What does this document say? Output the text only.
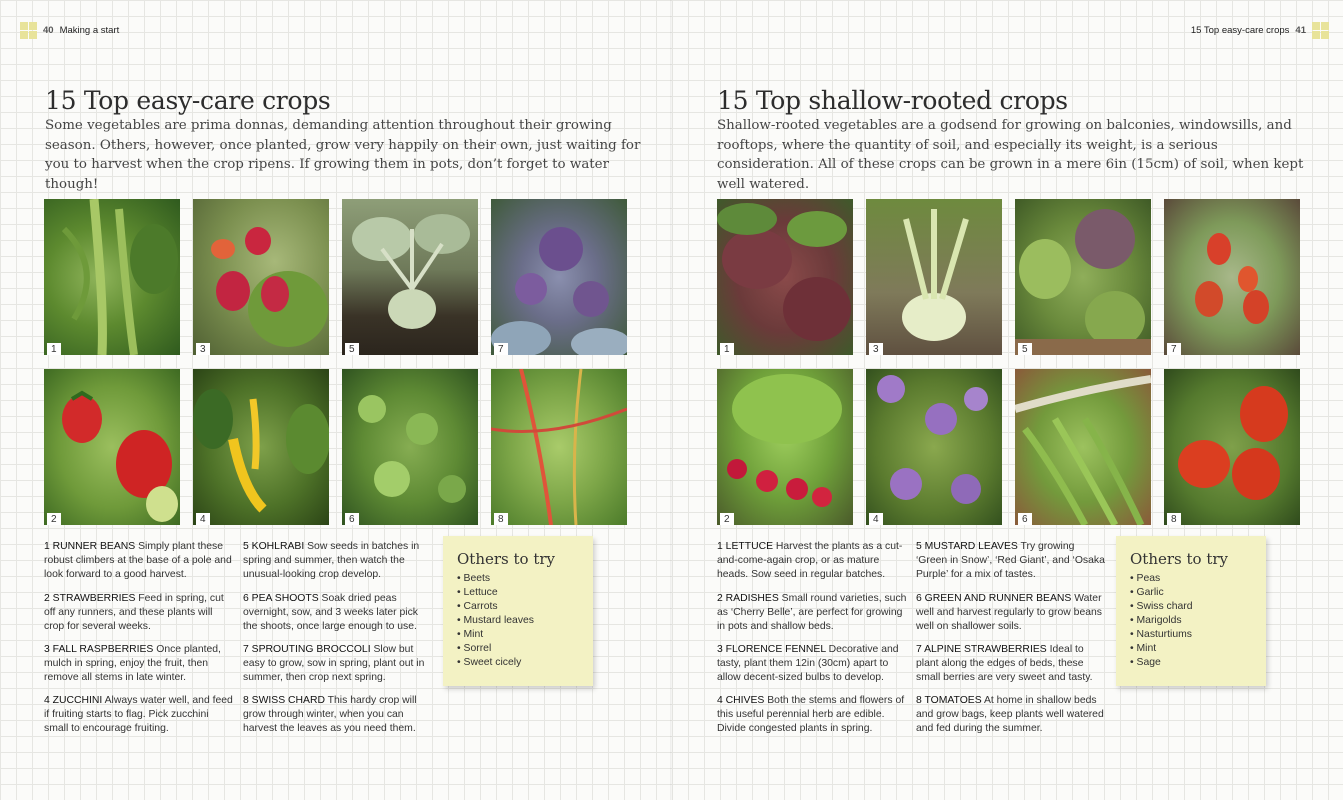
40 Making a start
15 Top easy-care crops

Some vegetables are prima donnas, demanding attention throughout their growing season. Others, however, once planted, grow very happily on their own, just waiting for you to harvest when the crop ripens. If growing them in pots, don’t forget to water though!

1	3	5	7
2	4	6	8

1 RUNNER BEANS Simply plant these robust climbers at the base of a pole and look forward to a good harvest.

2 STRAWBERRIES Feed in spring, cut off any runners, and these plants will crop for several weeks.

3 FALL RASPBERRIES Once planted, mulch in spring, enjoy the fruit, then remove all stems in late winter.

4 ZUCCHINI Always water well, and feed if fruiting starts to flag. Pick zucchini small to encourage fruiting.

5 KOHLRABI Sow seeds in batches in spring and summer, then watch the unusual-looking crop develop.

6 PEA SHOOTS Soak dried peas overnight, sow, and 3 weeks later pick the shoots, once large enough to use.

7 SPROUTING BROCCOLI Slow but easy to grow, sow in spring, plant out in summer, then crop next spring.

8 SWISS CHARD This hardy crop will grow through winter, when you can harvest the leaves as you need them.

Others to try
• Beets
• Lettuce
• Carrots
• Mustard leaves
• Mint
• Sorrel
• Sweet cicely
15 Top easy-care crops 41
15 Top shallow-rooted crops

Shallow-rooted vegetables are a godsend for growing on balconies, windowsills, and rooftops, where the quantity of soil, and especially its weight, is a serious consideration. All of these crops can be grown in a mere 6in (15cm) of soil, when kept well watered.

1	3	5	7
2	4	6	8

1 LETTUCE Harvest the plants as a cut-and-come-again crop, or as mature heads. Sow seed in regular batches.

2 RADISHES Small round varieties, such as ‘Cherry Belle’, are perfect for growing in pots and shallow beds.

3 FLORENCE FENNEL Decorative and tasty, plant them 12in (30cm) apart to allow decent-sized bulbs to develop.

4 CHIVES Both the stems and flowers of this useful perennial herb are edible. Divide congested plants in spring.

5 MUSTARD LEAVES Try growing ‘Green in Snow’, ‘Red Giant’, and ‘Osaka Purple’ for a mix of tastes.

6 GREEN AND RUNNER BEANS Water well and harvest regularly to grow beans well on shallower soils.

7 ALPINE STRAWBERRIES Ideal to plant along the edges of beds, these small berries are very sweet and tasty.

8 TOMATOES At home in shallow beds and grow bags, keep plants well watered and fed during the summer.

Others to try
• Peas
• Garlic
• Swiss chard
• Marigolds
• Nasturtiums
• Mint
• Sage
